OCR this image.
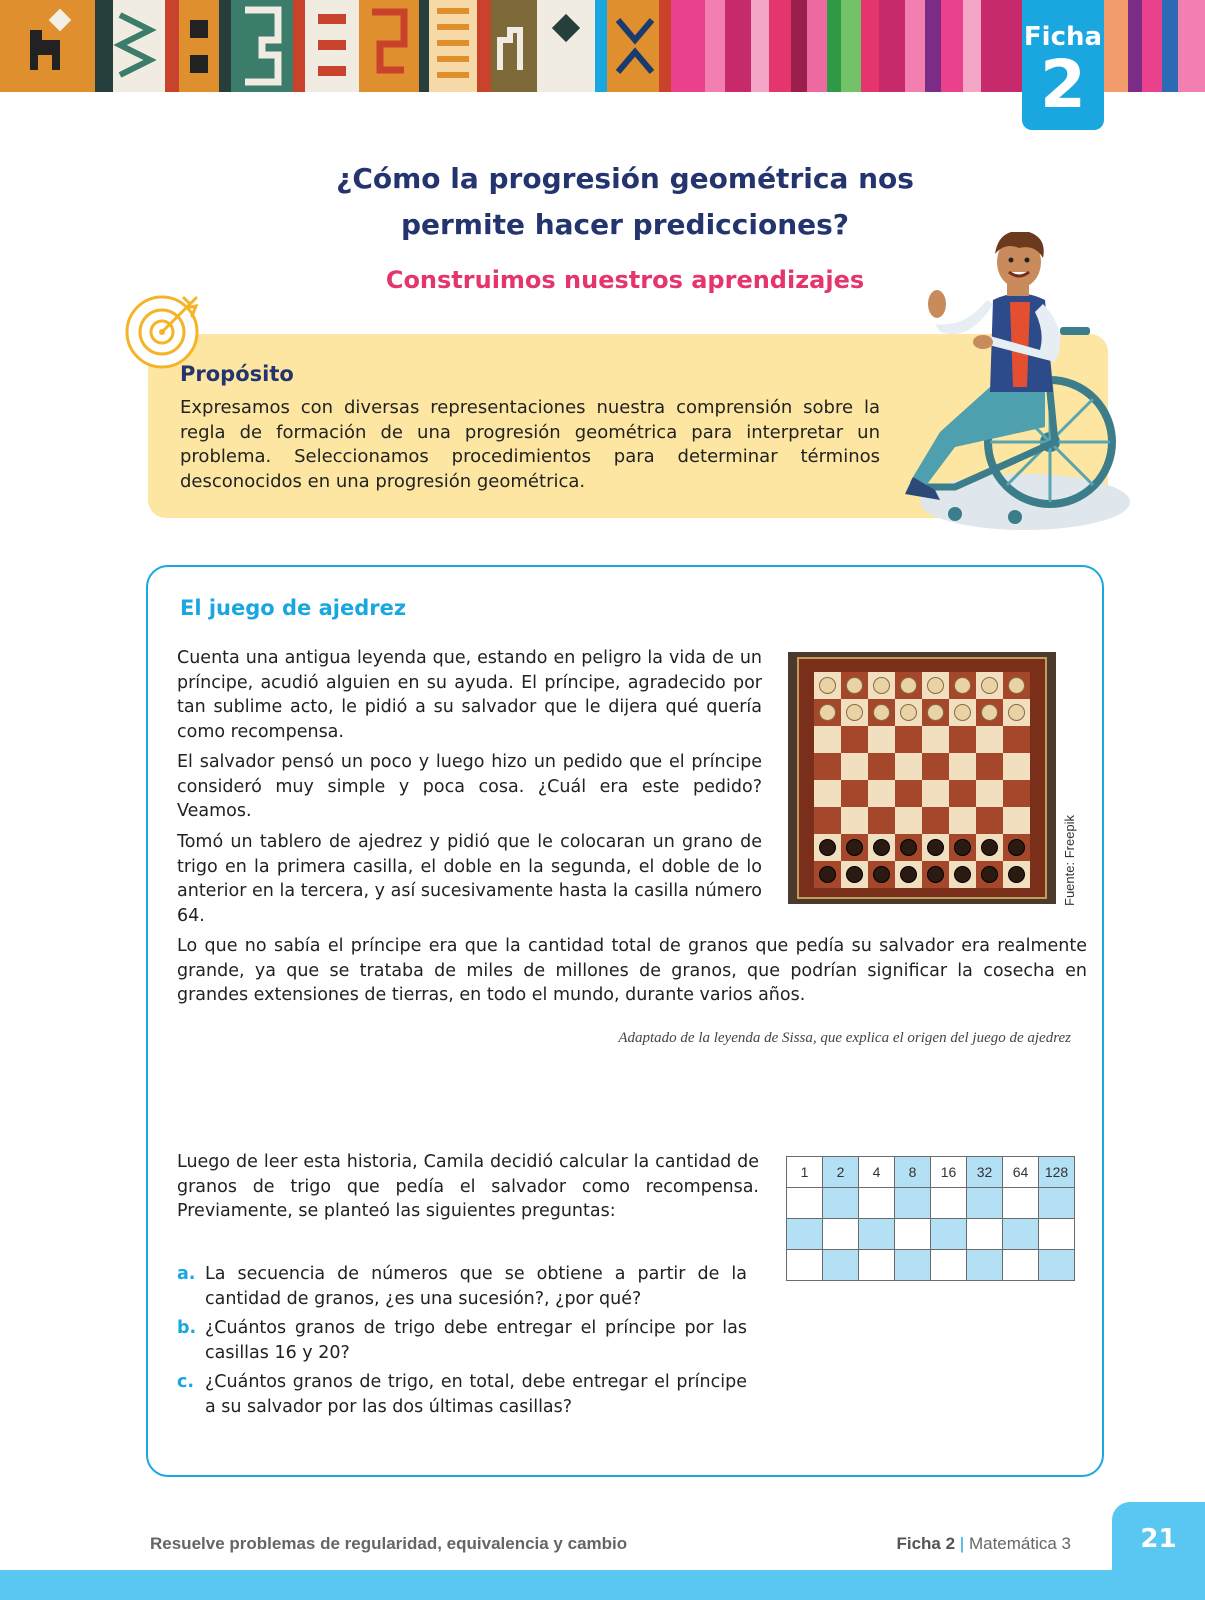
Ficha
2
¿Cómo la progresión geométrica nos permite hacer predicciones?
Construimos nuestros aprendizajes
Propósito

Expresamos con diversas representaciones nuestra comprensión sobre la regla de formación de una progresión geométrica para interpretar un problema. Seleccionamos procedimientos para determinar términos desconocidos en una progresión geométrica.

El juego de ajedrez

Cuenta una antigua leyenda que, estando en peligro la vida de un príncipe, acudió alguien en su ayuda. El príncipe, agradecido por tan sublime acto, le pidió a su salvador que le dijera qué quería como recompensa.

El salvador pensó un poco y luego hizo un pedido que el príncipe consideró muy simple y poca cosa. ¿Cuál era este pedido? Veamos.

Tomó un tablero de ajedrez y pidió que le colocaran un grano de trigo en la primera casilla, el doble en la segunda, el doble de lo anterior en la tercera, y así sucesivamente hasta la casilla número 64.

Fuente: Freepik

Lo que no sabía el príncipe era que la cantidad total de granos que pedía su salvador era realmente grande, ya que se trataba de miles de millones de granos, que podrían significar la cosecha en grandes extensiones de tierras, en todo el mundo, durante varios años.

Adaptado de la leyenda de Sissa, que explica el origen del juego de ajedrez

Luego de leer esta historia, Camila decidió calcular la cantidad de granos de trigo que pedía el salvador como recompensa. Previamente, se planteó las siguientes preguntas:

a. La secuencia de números que se obtiene a partir de la cantidad de granos, ¿es una sucesión?, ¿por qué?
b. ¿Cuántos granos de trigo debe entregar el príncipe por las casillas 16 y 20?
c. ¿Cuántos granos de trigo, en total, debe entregar el príncipe a su salvador por las dos últimas casillas?
1	2	4	8	16	32	64	128

Resuelve problemas de regularidad, equivalencia y cambio	Ficha 2 | Matemática 3	21
